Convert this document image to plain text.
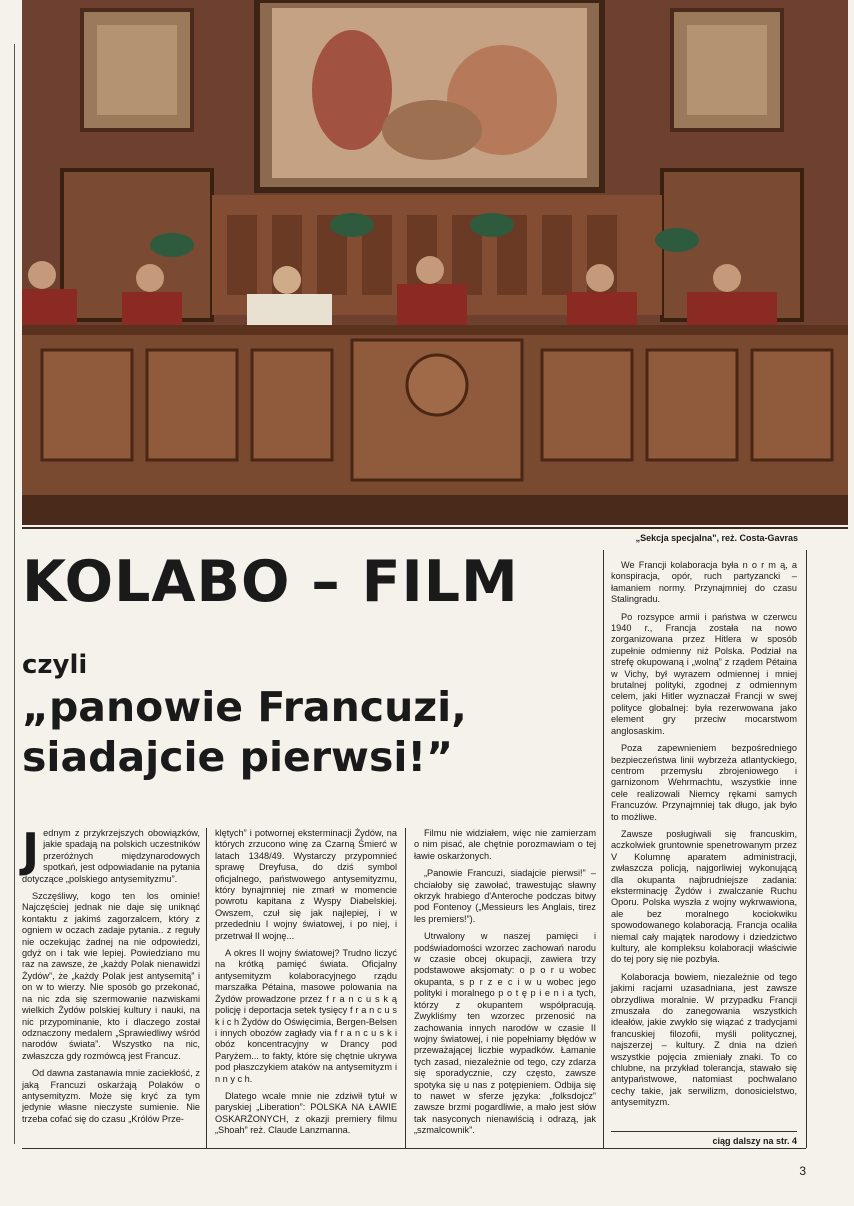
„Sekcja specjalna", reż. Costa-Gavras
KOLABO – FILM
czyli
„panowie Francuzi,
siadajcie pierwsi!”

Jednym z przykrzejszych obowiązków, jakie spadają na polskich uczestników przeróżnych międzynarodowych spotkań, jest odpowiadanie na pytania dotyczące „polskiego antysemityzmu”.

Szczęśliwy, kogo ten los ominie! Najczęściej jednak nie daje się uniknąć kontaktu z jakimś zagorzalcem, który z ogniem w oczach zadaje pytania.. z reguły nie oczekując żadnej na nie odpowiedzi, gdyż on i tak wie lepiej. Powiedziano mu raz na zawsze, że „każdy Polak nienawidzi Żydów”, że „każdy Polak jest antysemitą” i on w to wierzy. Nie sposób go przekonać, na nic zda się szermowanie nazwiskami wielkich Żydów polskiej kultury i nauki, na nic przypominanie, kto i dlaczego został odznaczony medalem „Sprawiedliwy wśród narodów świata”. Wszystko na nic, zwłaszcza gdy rozmówcą jest Francuz.

Od dawna zastanawia mnie zaciekłość, z jaką Francuzi oskarżają Polaków o antysemityzm. Może się kryć za tym jedynie własne nieczyste sumienie. Nie trzeba cofać się do czasu „Królów Prze-

klętych” i potwornej eksterminacji Żydów, na których zrzucono winę za Czarną Śmierć w latach 1348/49. Wystarczy przypomnieć sprawę Dreyfusa, do dziś symbol oficjalnego, państwowego antysemityzmu, który bynajmniej nie zmarł w momencie powrotu kapitana z Wyspy Diabelskiej. Owszem, czuł się jak najlepiej, i w przededniu I wojny światowej, i po niej, i przetrwał II wojnę...

A okres II wojny światowej? Trudno liczyć na krótką pamięć świata. Oficjalny antysemityzm kolaboracyjnego rządu marszałka Pétaina, masowe polowania na Żydów prowadzone przez f r a n c u s k ą policję i deportacja setek tysięcy f r a n c u s k i c h Żydów do Oświęcimia, Bergen-Belsen i innych obozów zagłady via f r a n c u s k i obóz koncentracyjny w Drancy pod Paryżem... to fakty, które się chętnie ukrywa pod płaszczykiem ataków na antysemityzm i n n y c h.

Dlatego wcale mnie nie zdziwił tytuł w paryskiej „Liberation”: POLSKA NA ŁAWIE OSKARŻONYCH, z okazji premiery filmu „Shoah” reż. Claude Lanzmanna.

Filmu nie widziałem, więc nie zamierzam o nim pisać, ale chętnie porozmawiam o tej ławie oskarżonych.

„Panowie Francuzi, siadajcie pierwsi!” – chciałoby się zawołać, trawestując sławny okrzyk hrabiego d'Anteroche podczas bitwy pod Fontenoy („Messieurs les Anglais, tirez les premiers!”).

Utrwalony w naszej pamięci i podświadomości wzorzec zachowań narodu w czasie obcej okupacji, zawiera trzy podstawowe aksjomaty: o p o r u wobec okupanta, s p r z e c i w u wobec jego polityki i moralnego p o t ę p i e n i a tych, którzy z okupantem współpracują. Zwykliśmy ten wzorzec przenosić na zachowania innych narodów w czasie II wojny światowej, i nie popełniamy błędów w przeważającej liczbie wypadków. Łamanie tych zasad, niezależnie od tego, czy zdarza się sporadycznie, czy często, zawsze spotyka się u nas z potępieniem. Odbija się to nawet w sferze języka: „folksdojcz” zawsze brzmi pogardliwie, a mało jest słów tak nasyconych nienawiścią i odrazą, jak „szmalcownik”.

We Francji kolaboracja była n o r m ą, a konspiracja, opór, ruch partyzancki – łamaniem normy. Przynajmniej do czasu Stalingradu.

Po rozsypce armii i państwa w czerwcu 1940 r., Francja została na nowo zorganizowana przez Hitlera w sposób zupełnie odmienny niż Polska. Podział na strefę okupowaną i „wolną” z rządem Pétaina w Vichy, był wyrazem odmiennej i mniej brutalnej polityki, zgodnej z odmiennym celem, jaki Hitler wyznaczał Francji w swej polityce globalnej: była rezerwowana jako element gry przeciw mocarstwom anglosaskim.

Poza zapewnieniem bezpośredniego bezpieczeństwa linii wybrzeża atlantyckiego, centrom przemysłu zbrojeniowego i garnizonom Wehrmachtu, wszystkie inne cele realizowali Niemcy rękami samych Francuzów. Przynajmniej tak długo, jak było to możliwe.

Zawsze posługiwali się francuskim, aczkolwiek gruntownie spenetrowanym przez V Kolumnę aparatem administracji, zwłaszcza policją, najgorliwiej wykonującą dla okupanta najbrudniejsze zadania: eksterminację Żydów i zwalczanie Ruchu Oporu. Polska wyszła z wojny wykrwawiona, ale bez moralnego kociokwiku spowodowanego kolaboracją. Francja ocaliła niemal cały majątek narodowy i dziedzictwo kultury, ale kompleksu kolaboracji właściwie do tej pory się nie pozbyła.

Kolaboracja bowiem, niezależnie od tego jakimi racjami uzasadniana, jest zawsze obrzydliwa moralnie. W przypadku Francji zmuszała do zanegowania wszystkich ideałów, jakie zwykło się wiązać z tradycjami francuskiej filozofii, myśli politycznej, najszerzej – kultury. Z dnia na dzień wszystkie pojęcia zmieniały znaki. To co chlubne, na przykład tolerancja, stawało się antypaństwowe, natomiast pochwalano cechy takie, jak serwilizm, donosicielstwo, antysemityzm.

ciąg dalszy na str. 4
3
